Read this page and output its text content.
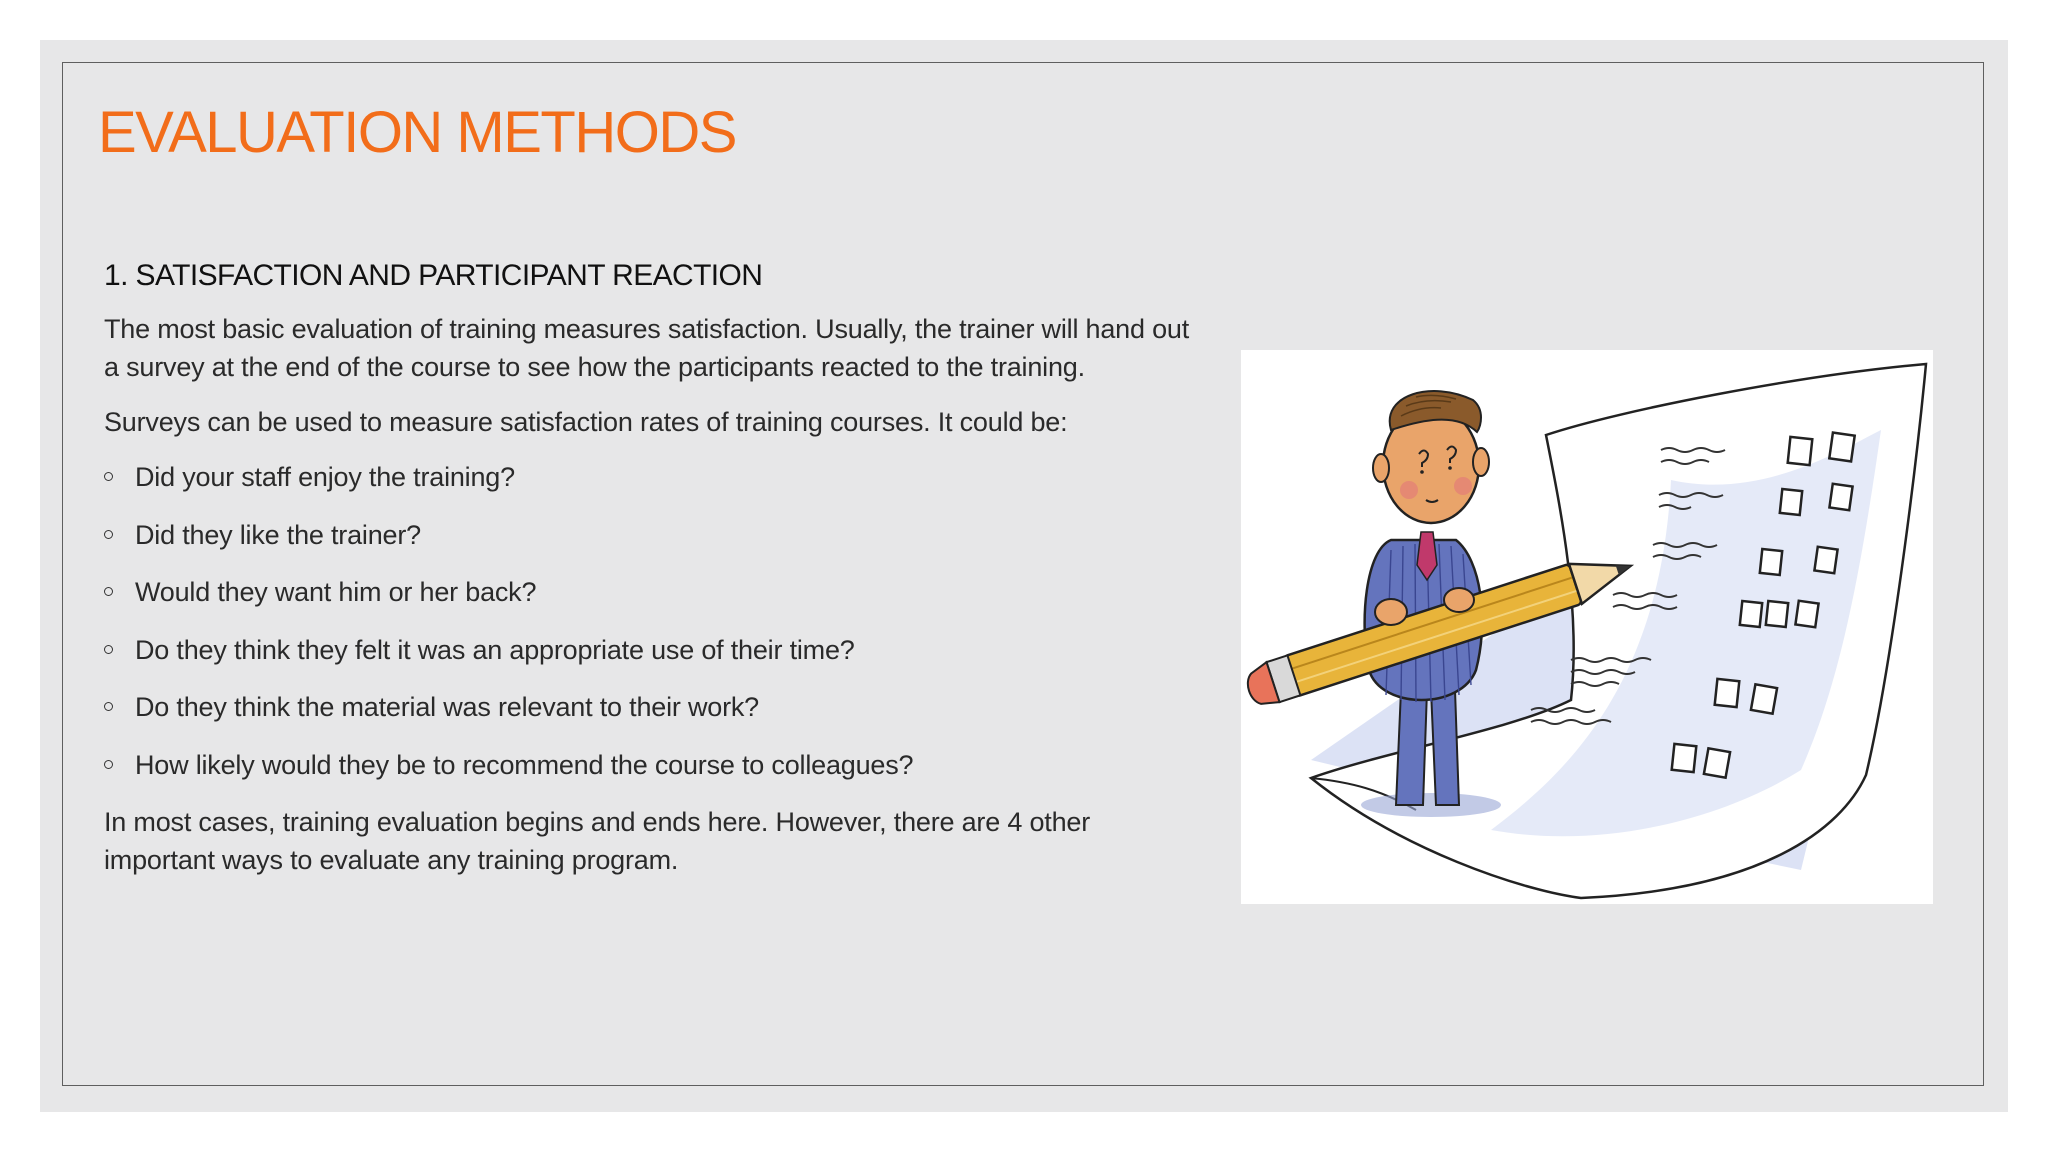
EVALUATION METHODS
1. SATISFACTION AND PARTICIPANT REACTION

The most basic evaluation of training measures satisfaction. Usually, the trainer will hand out a survey at the end of the course to see how the participants reacted to the training.

Surveys can be used to measure satisfaction rates of training courses. It could be:

Did your staff enjoy the training?
Did they like the trainer?
Would they want him or her back?
Do they think they felt it was an appropriate use of their time?
Do they think the material was relevant to their work?
How likely would they be to recommend the course to colleagues?

In most cases, training evaluation begins and ends here. However, there are 4 other important ways to evaluate any training program.
